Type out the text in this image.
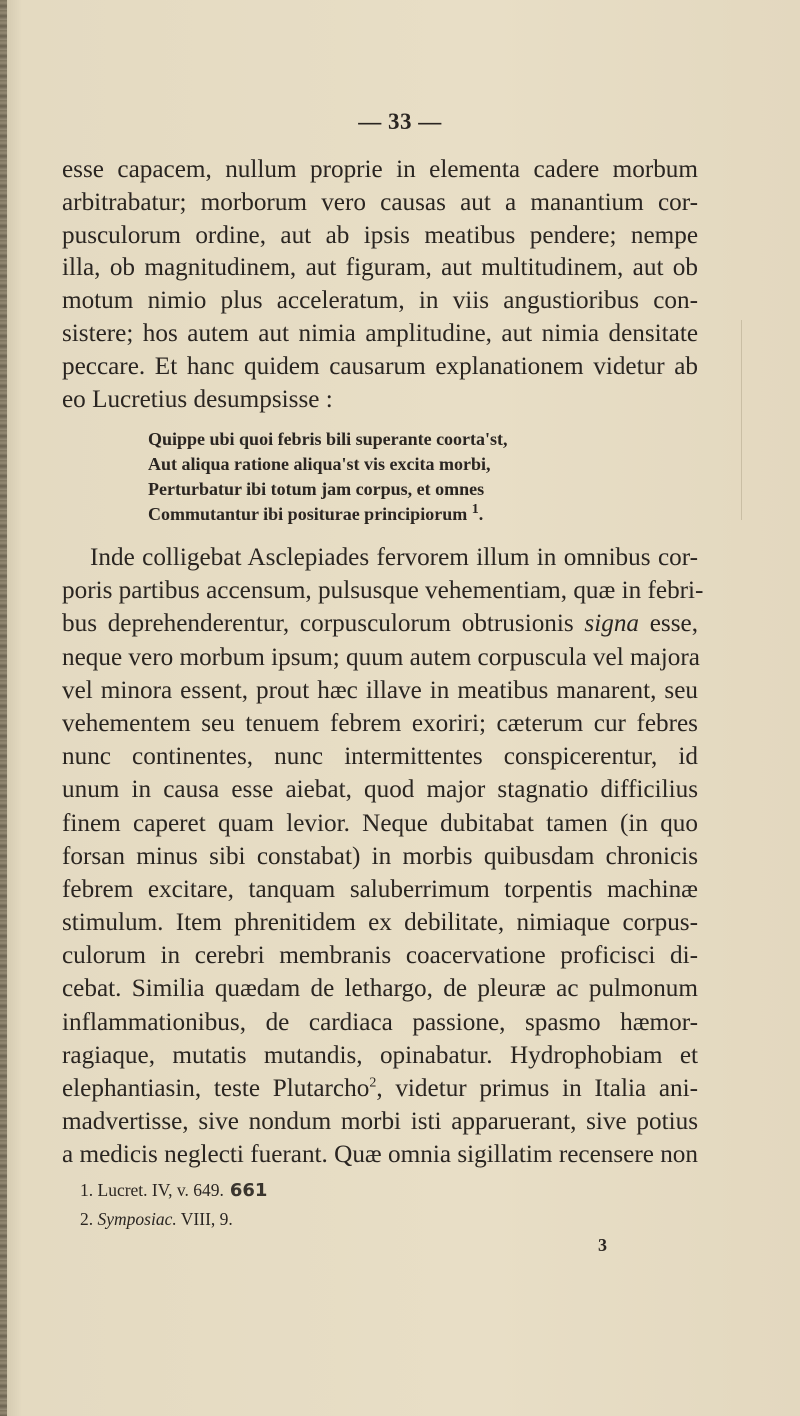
— 33 —
esse capacem, nullum proprie in elementa cadere morbum
arbitrabatur; morborum vero causas aut a manantium cor-
pusculorum ordine, aut ab ipsis meatibus pendere; nempe
illa, ob magnitudinem, aut figuram, aut multitudinem, aut ob
motum nimio plus acceleratum, in viis angustioribus con-
sistere; hos autem aut nimia amplitudine, aut nimia densitate
peccare. Et hanc quidem causarum explanationem videtur ab
eo Lucretius desumpsisse :
Quippe ubi quoi febris bili superante coorta'st,
Aut aliqua ratione aliqua'st vis excita morbi,
Perturbatur ibi totum jam corpus, et omnes
Commutantur ibi positurae principiorum $^1$.
Inde colligebat Asclepiades fervorem illum in omnibus cor-
poris partibus accensum, pulsusque vehementiam, quæ in febri-
bus deprehenderentur, corpusculorum obtrusionis signa esse,
neque vero morbum ipsum; quum autem corpuscula vel majora
vel minora essent, prout hæc illave in meatibus manarent, seu
vehementem seu tenuem febrem exoriri; cæterum cur febres
nunc continentes, nunc intermittentes conspicerentur, id
unum in causa esse aiebat, quod major stagnatio difficilius
finem caperet quam levior. Neque dubitabat tamen (in quo
forsan minus sibi constabat) in morbis quibusdam chronicis
febrem excitare, tanquam saluberrimum torpentis machinæ
stimulum. Item phrenitidem ex debilitate, nimiaque corpus-
culorum in cerebri membranis coacervatione proficisci di-
cebat. Similia quædam de lethargo, de pleuræ ac pulmonum
inflammationibus, de cardiaca passione, spasmo hæmor-
ragiaque, mutatis mutandis, opinabatur. Hydrophobiam et
elephantiasin, teste Plutarcho$^2$, videtur primus in Italia ani-
madvertisse, sive nondum morbi isti apparuerant, sive potius
a medicis neglecti fuerant. Quæ omnia sigillatim recensere non
1. Lucret. IV, v. 649. 661
2. Symposiac. VIII, 9.
3
